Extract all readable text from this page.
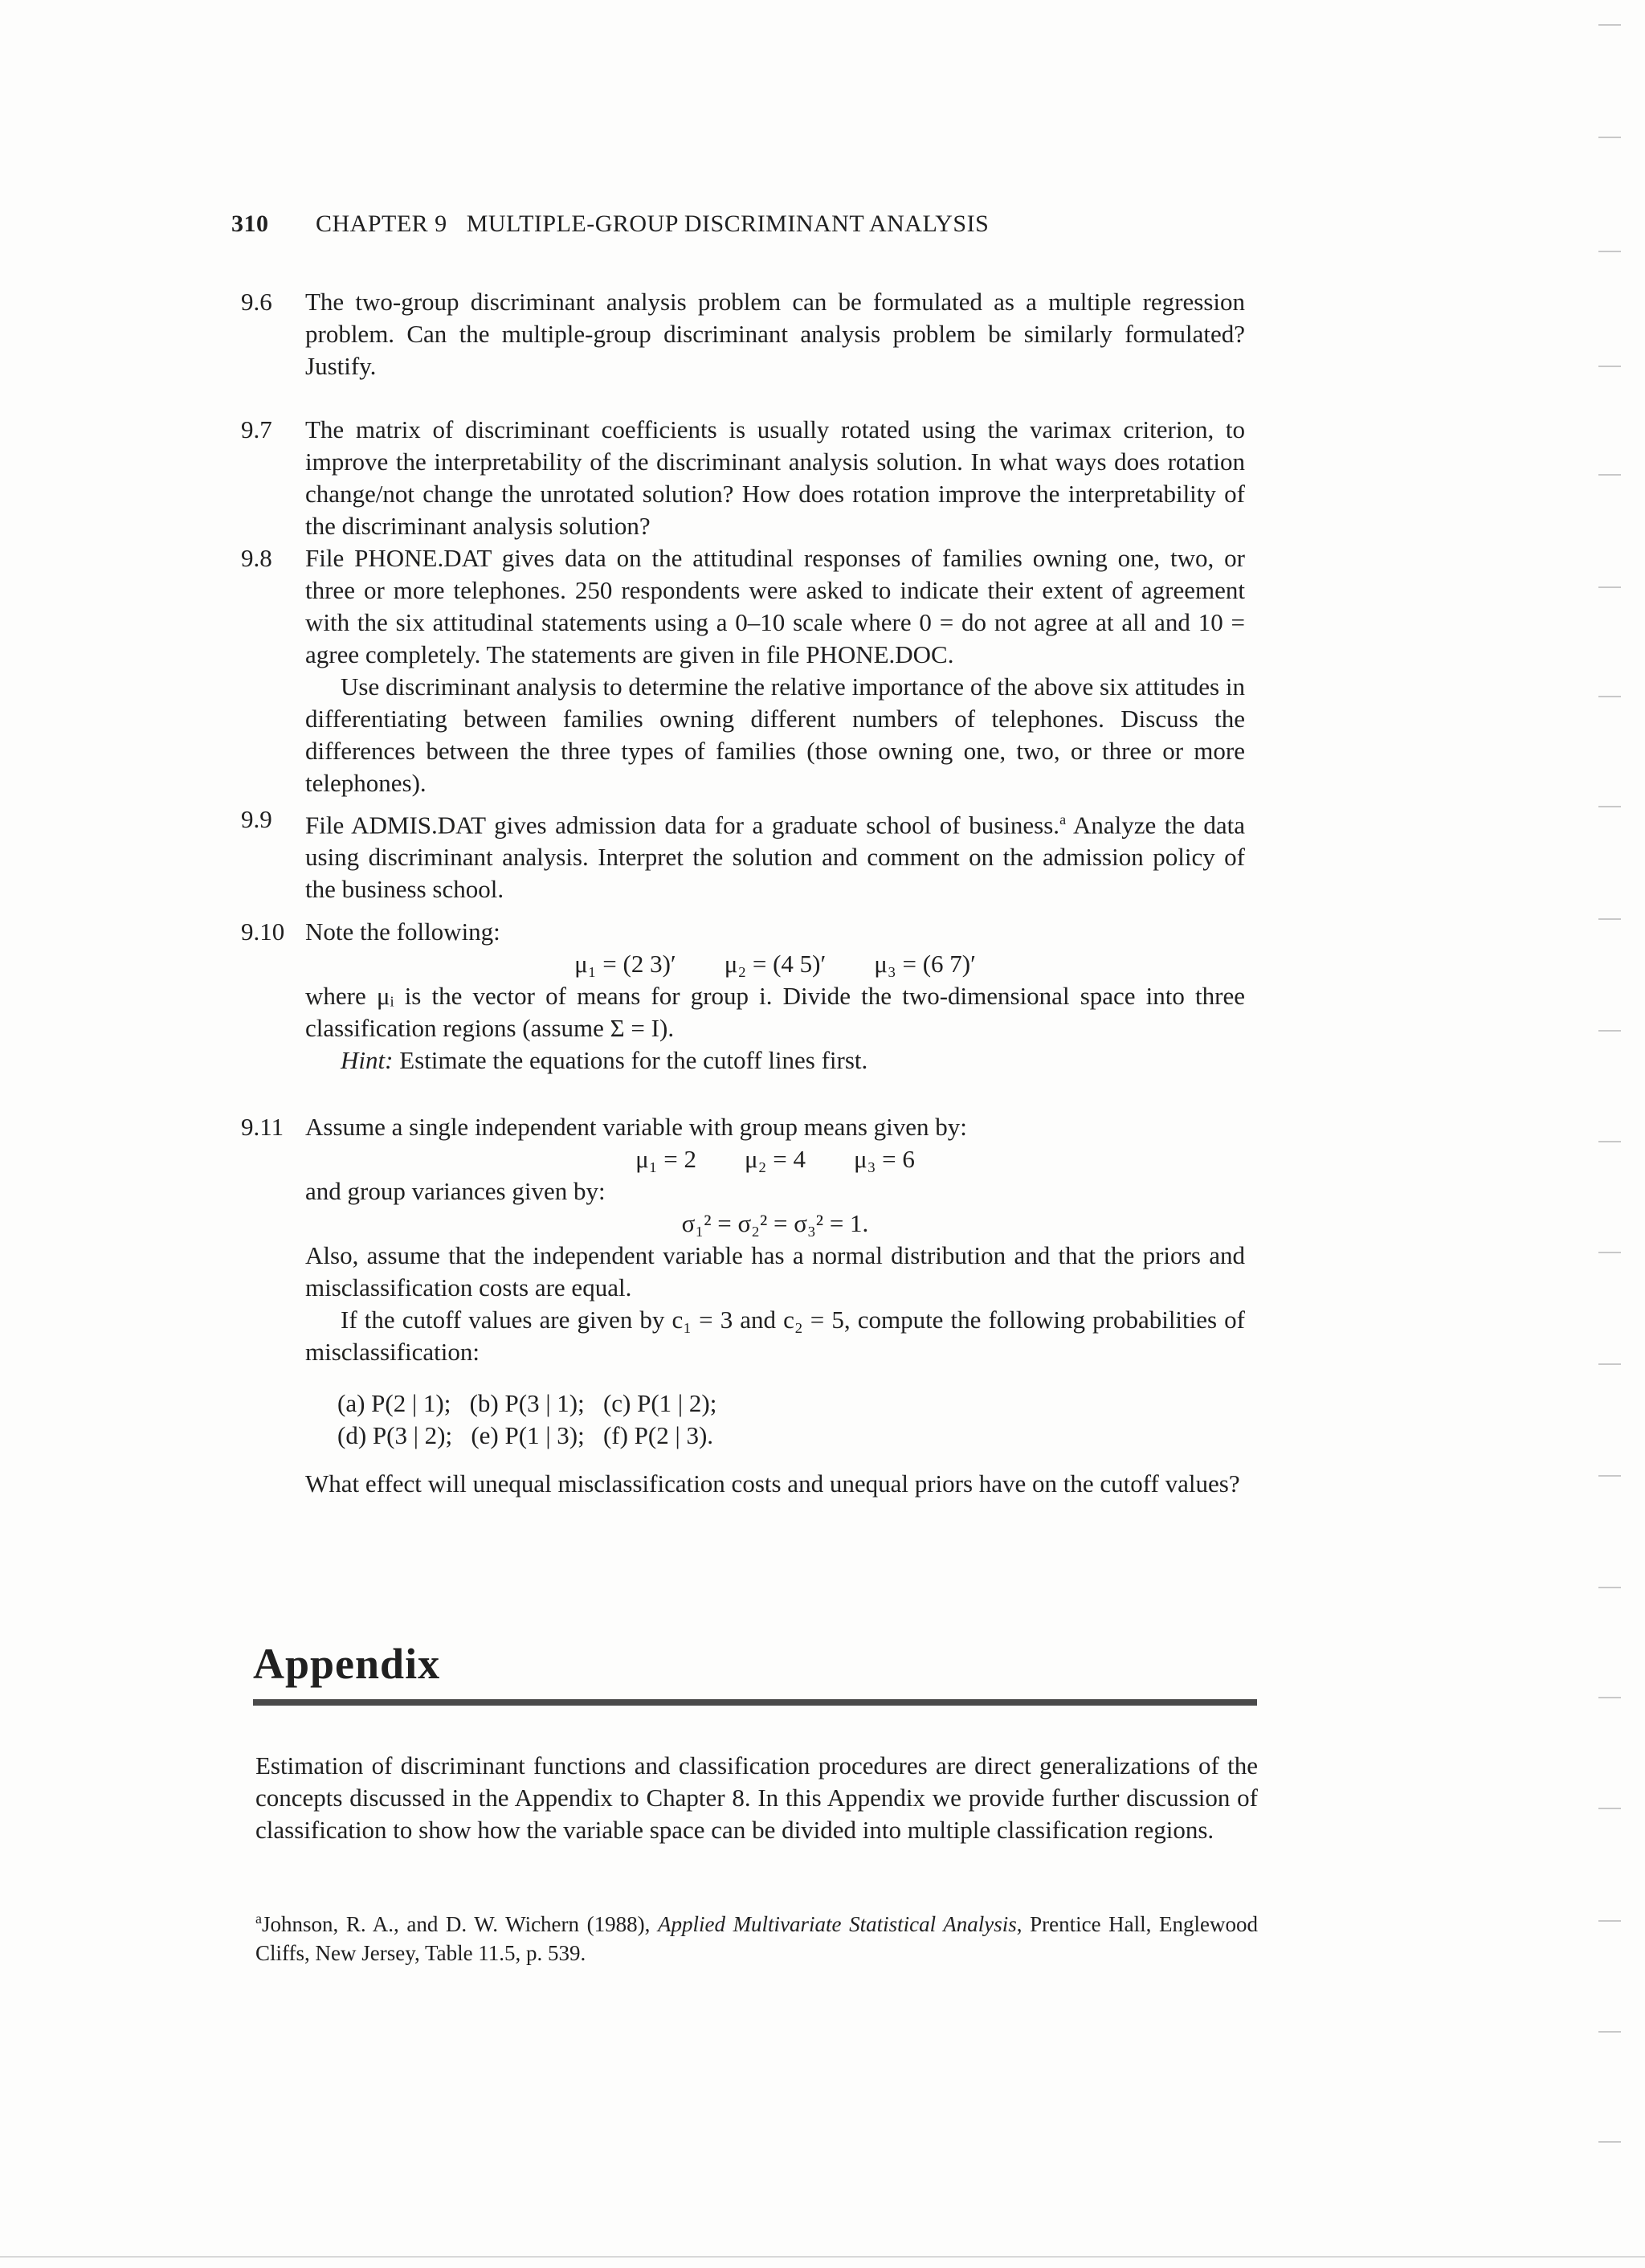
310 CHAPTER 9 MULTIPLE-GROUP DISCRIMINANT ANALYSIS
9.6	The two-group discriminant analysis problem can be formulated as a multiple regression problem. Can the multiple-group discriminant analysis problem be similarly formulated? Justify.

9.7	The matrix of discriminant coefficients is usually rotated using the varimax criterion, to improve the interpretability of the discriminant analysis solution. In what ways does rotation change/not change the unrotated solution? How does rotation improve the interpretability of the discriminant analysis solution?

9.8	File PHONE.DAT gives data on the attitudinal responses of families owning one, two, or three or more telephones. 250 respondents were asked to indicate their extent of agreement with the six attitudinal statements using a 0–10 scale where 0 = do not agree at all and 10 = agree completely. The statements are given in file PHONE.DOC.

Use discriminant analysis to determine the relative importance of the above six attitudes in differentiating between families owning different numbers of telephones. Discuss the differences between the three types of families (those owning one, two, or three or more telephones).

9.9	File ADMIS.DAT gives admission data for a graduate school of business.$^a$ Analyze the data using discriminant analysis. Interpret the solution and comment on the admission policy of the business school.

9.10 Note the following:

μ₁ = (2 3)′ μ₂ = (4 5)′ μ₃ = (6 7)′

where μᵢ is the vector of means for group i. Divide the two-dimensional space into three classification regions (assume Σ = I).

Hint: Estimate the equations for the cutoff lines first.

9.11 Assume a single independent variable with group means given by:

μ₁ = 2 μ₂ = 4 μ₃ = 6

and group variances given by:

σ₁² = σ₂² = σ₃² = 1.

Also, assume that the independent variable has a normal distribution and that the priors and misclassification costs are equal.

If the cutoff values are given by c₁ = 3 and c₂ = 5, compute the following probabilities of misclassification:

(a) P(2 | 1);   (b) P(3 | 1);   (c) P(1 | 2);
(d) P(3 | 2);   (e) P(1 | 3);   (f) P(2 | 3).

What effect will unequal misclassification costs and unequal priors have on the cutoff values?

Appendix

Estimation of discriminant functions and classification procedures are direct generalizations of the concepts discussed in the Appendix to Chapter 8. In this Appendix we provide further discussion of classification to show how the variable space can be divided into multiple classification regions.

$^a$Johnson, R. A., and D. W. Wichern (1988), Applied Multivariate Statistical Analysis, Prentice Hall, Englewood Cliffs, New Jersey, Table 11.5, p. 539.
